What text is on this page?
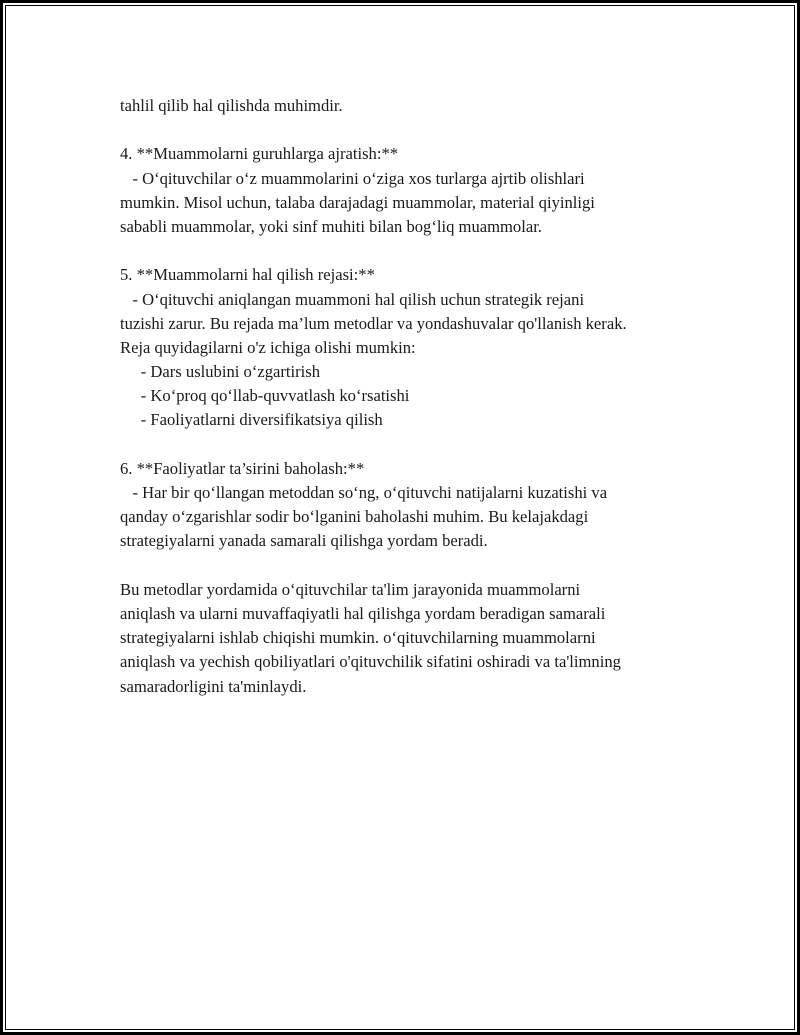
tahlil qilib hal qilishda muhimdir.
4. **Muammolarni guruhlarga ajratish:**
- O‘qituvchilar o‘z muammolarini o‘ziga xos turlarga ajrtib olishlari
mumkin. Misol uchun, talaba darajadagi muammolar, material qiyinligi
sababli muammolar, yoki sinf muhiti bilan bog‘liq muammolar.
5. **Muammolarni hal qilish rejasi:**
- O‘qituvchi aniqlangan muammoni hal qilish uchun strategik rejani
tuzishi zarur. Bu rejada ma’lum metodlar va yondashuvalar qo'llanish kerak.
Reja quyidagilarni o'z ichiga olishi mumkin:
- Dars uslubini o‘zgartirish
- Ko‘proq qo‘llab-quvvatlash ko‘rsatishi
- Faoliyatlarni diversifikatsiya qilish
6. **Faoliyatlar ta’sirini baholash:**
- Har bir qo‘llangan metoddan so‘ng, o‘qituvchi natijalarni kuzatishi va
qanday o‘zgarishlar sodir bo‘lganini baholashi muhim. Bu kelajakdagi
strategiyalarni yanada samarali qilishga yordam beradi.
Bu metodlar yordamida o‘qituvchilar ta'lim jarayonida muammolarni
aniqlash va ularni muvaffaqiyatli hal qilishga yordam beradigan samarali
strategiyalarni ishlab chiqishi mumkin. o‘qituvchilarning muammolarni
aniqlash va yechish qobiliyatlari o'qituvchilik sifatini oshiradi va ta'limning
samaradorligini ta'minlaydi.
